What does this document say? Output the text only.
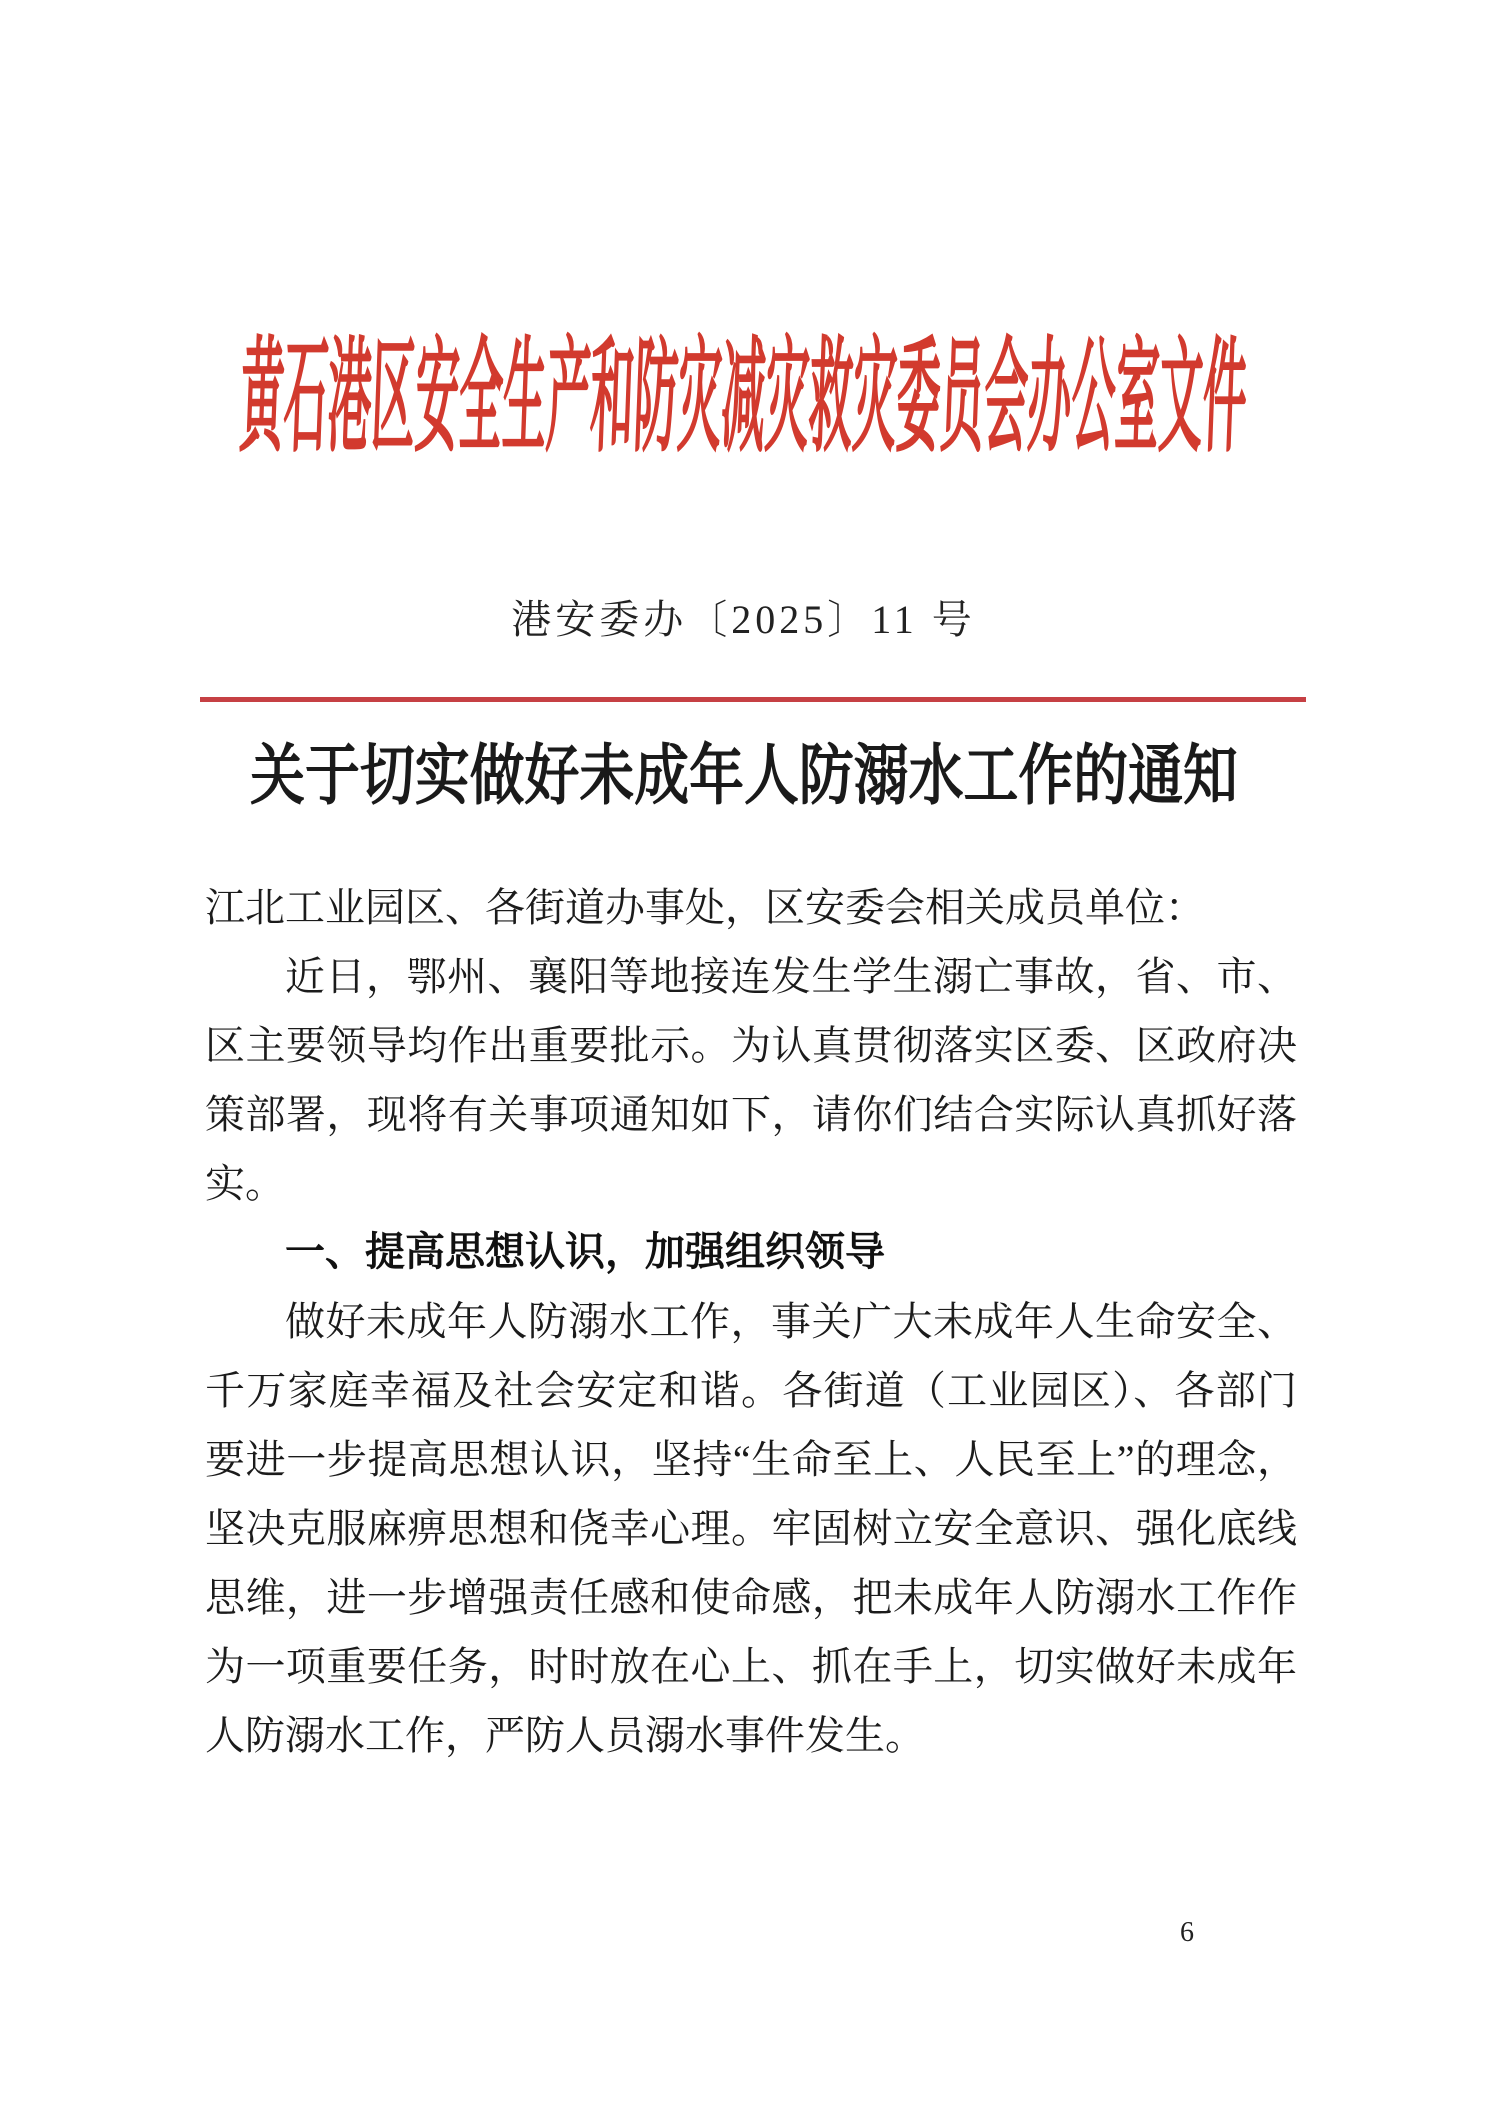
黄石港区安全生产和防灾减灾救灾委员会办公室文件
港安委办〔2025〕11 号
关于切实做好未成年人防溺水工作的通知

江北工业园区、各街道办事处，区安委会相关成员单位：

近日，鄂州、襄阳等地接连发生学生溺亡事故，省、市、区主要领导均作出重要批示。为认真贯彻落实区委、区政府决策部署，现将有关事项通知如下，请你们结合实际认真抓好落实。

一、提高思想认识，加强组织领导

做好未成年人防溺水工作，事关广大未成年人生命安全、千万家庭幸福及社会安定和谐。各街道（工业园区）、各部门要进一步提高思想认识，坚持“生命至上、人民至上”的理念，坚决克服麻痹思想和侥幸心理。牢固树立安全意识、强化底线思维，进一步增强责任感和使命感，把未成年人防溺水工作作为一项重要任务，时时放在心上、抓在手上，切实做好未成年人防溺水工作，严防人员溺水事件发生。

6
